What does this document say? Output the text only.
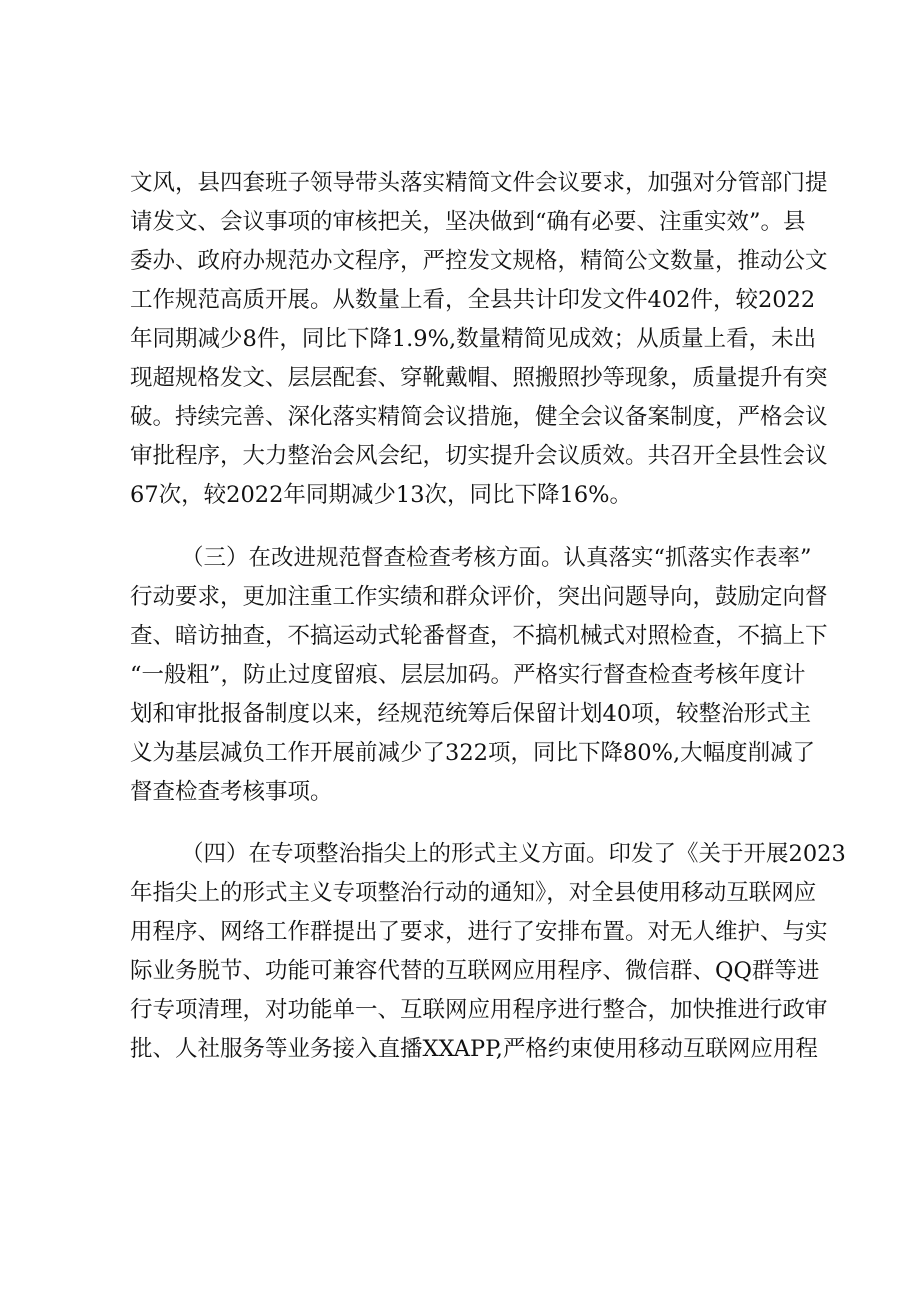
文风，县四套班子领导带头落实精简文件会议要求，加强对分管部门提
请发文、会议事项的审核把关，坚决做到“确有必要、注重实效”。县
委办、政府办规范办文程序，严控发文规格，精简公文数量，推动公文
工作规范高质开展。从数量上看，全县共计印发文件402件，较2022
年同期减少8件，同比下降1.9%,数量精简见成效；从质量上看，未出
现超规格发文、层层配套、穿靴戴帽、照搬照抄等现象，质量提升有突
破。持续完善、深化落实精简会议措施，健全会议备案制度，严格会议
审批程序，大力整治会风会纪，切实提升会议质效。共召开全县性会议
67次，较2022年同期减少13次，同比下降16%。
（三）在改进规范督查检查考核方面。认真落实“抓落实作表率”
行动要求，更加注重工作实绩和群众评价，突出问题导向，鼓励定向督
查、暗访抽查，不搞运动式轮番督查，不搞机械式对照检查，不搞上下
“一般粗”，防止过度留痕、层层加码。严格实行督查检查考核年度计
划和审批报备制度以来，经规范统筹后保留计划40项，较整治形式主
义为基层减负工作开展前减少了322项，同比下降80%,大幅度削减了
督查检查考核事项。
（四）在专项整治指尖上的形式主义方面。印发了《关于开展2023
年指尖上的形式主义专项整治行动的通知》，对全县使用移动互联网应
用程序、网络工作群提出了要求，进行了安排布置。对无人维护、与实
际业务脱节、功能可兼容代替的互联网应用程序、微信群、QQ群等进
行专项清理，对功能单一、互联网应用程序进行整合，加快推进行政审
批、人社服务等业务接入直播XXAPP,严格约束使用移动互联网应用程
